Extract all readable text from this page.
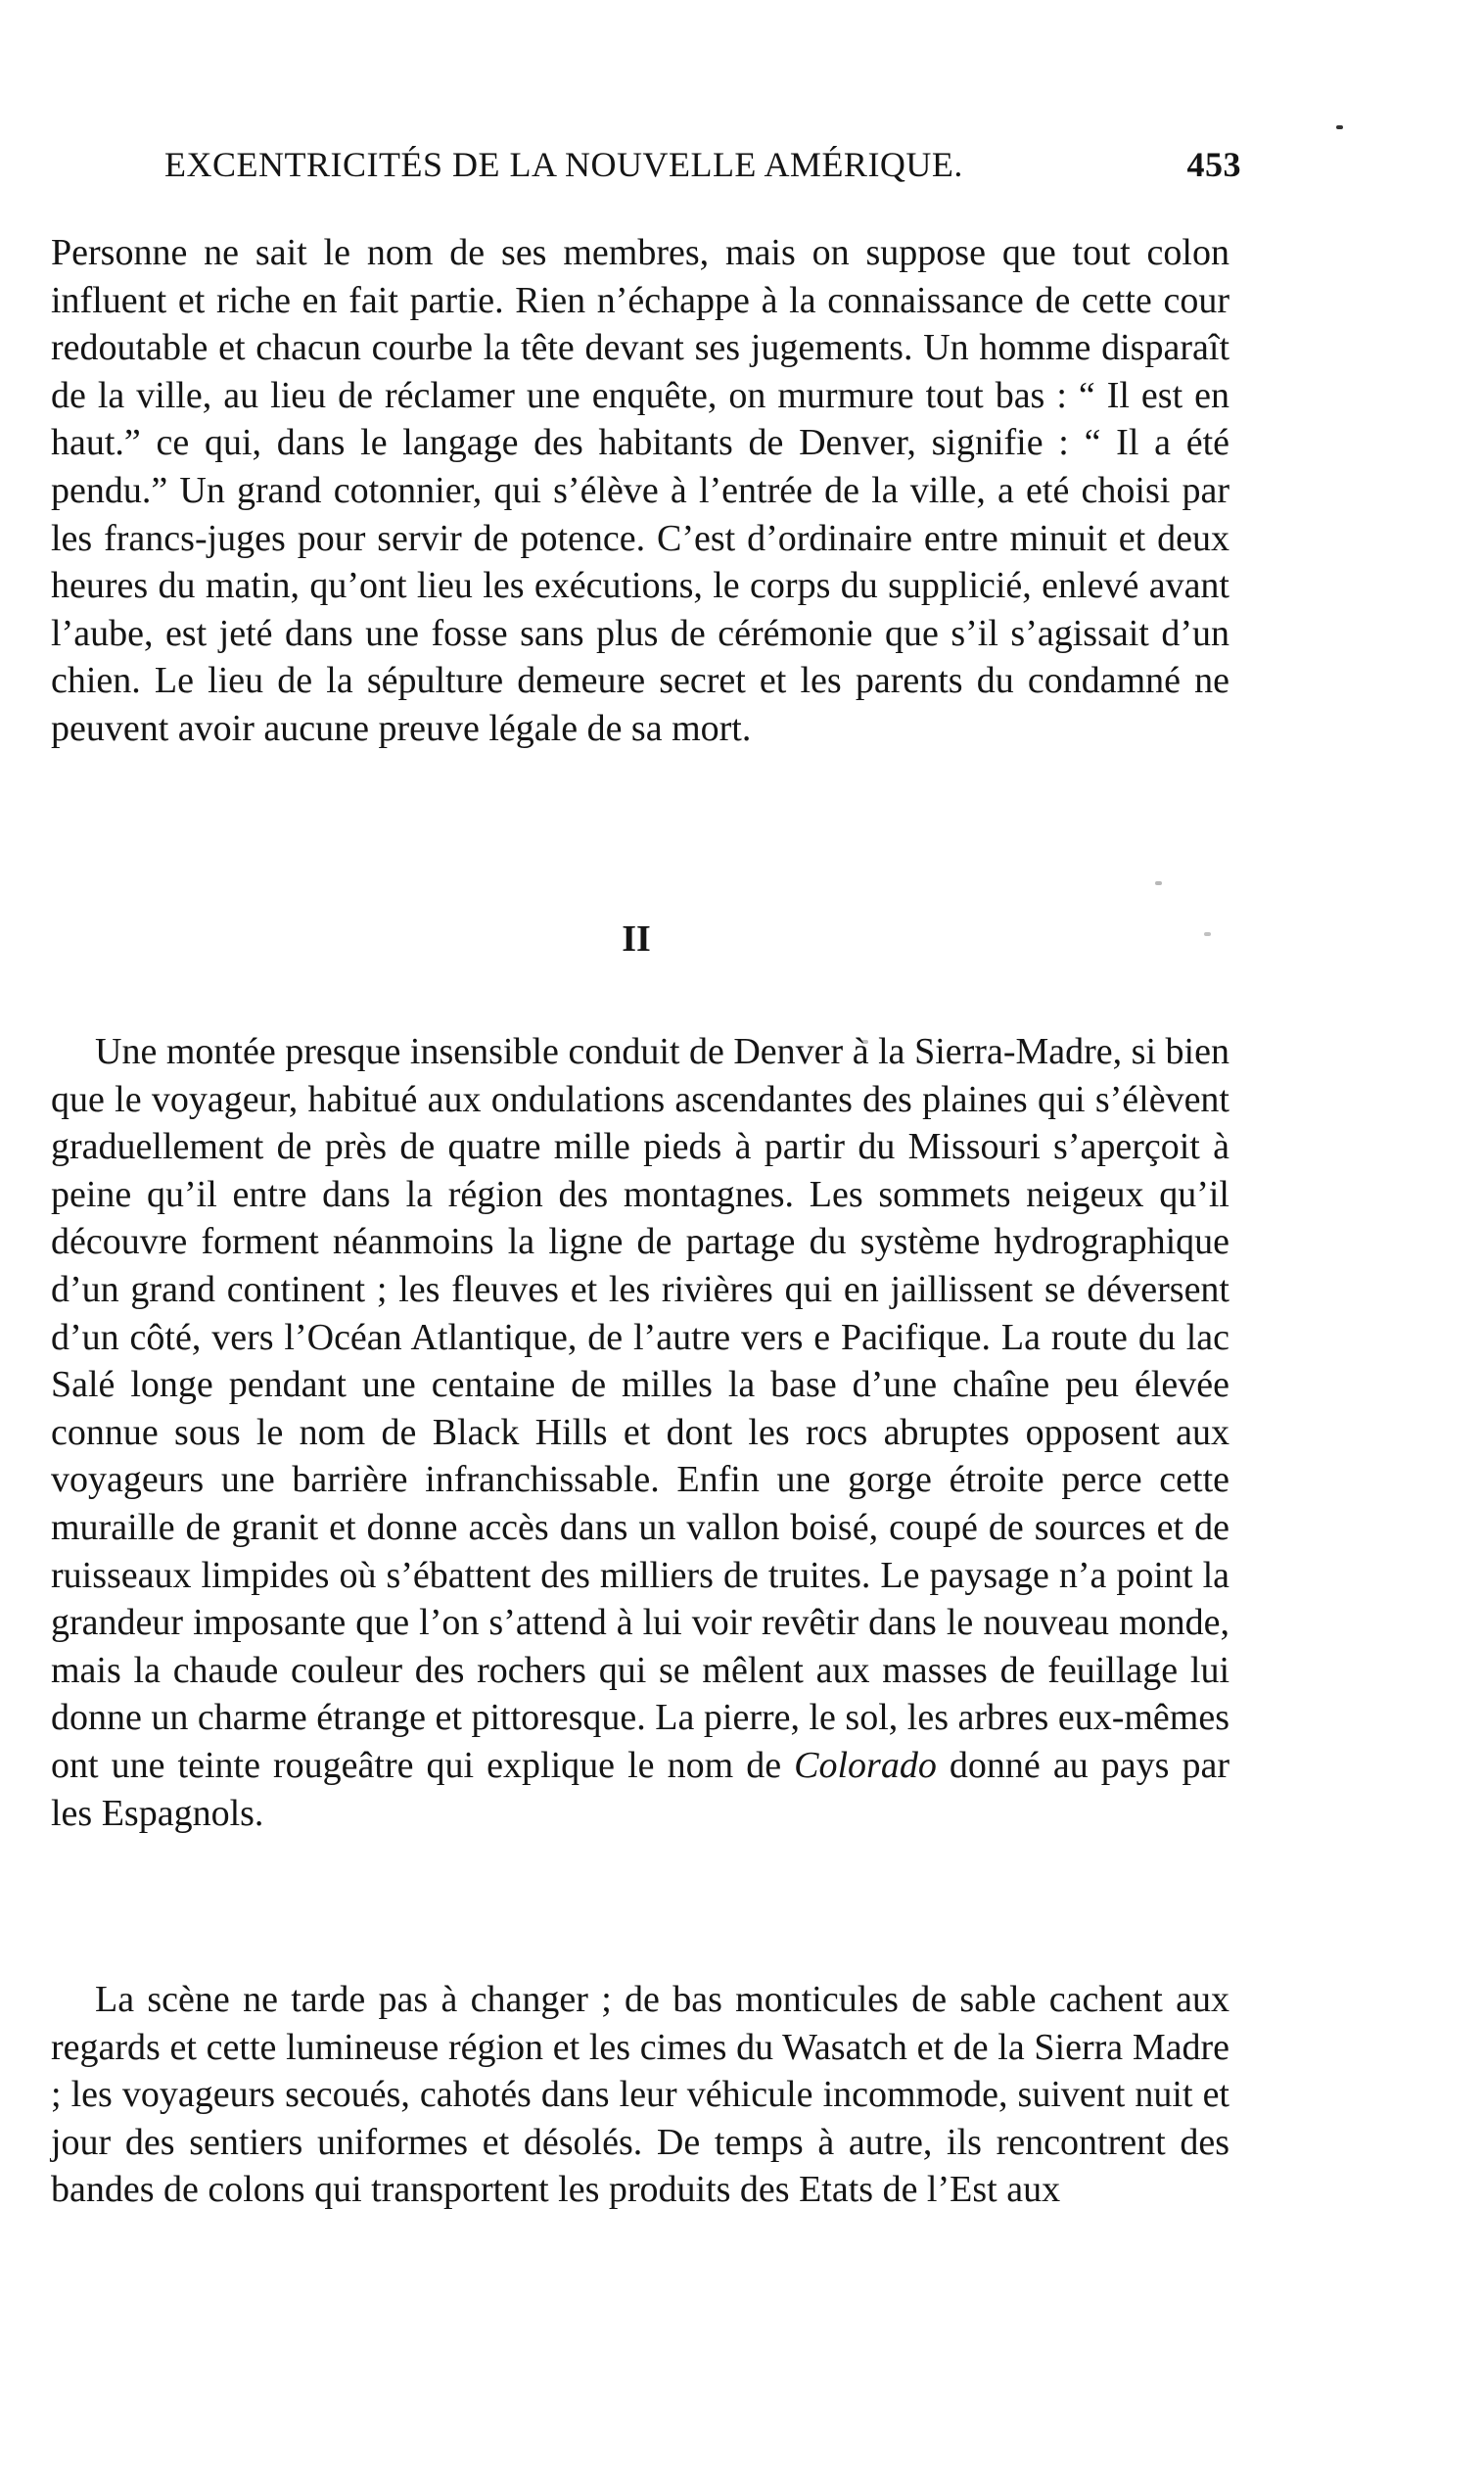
EXCENTRICITÉS DE LA NOUVELLE AMÉRIQUE.	453

Personne ne sait le nom de ses membres, mais on suppose que tout colon influent et riche en fait partie. Rien n’échappe à la connaissance de cette cour redoutable et chacun courbe la tête devant ses jugements. Un homme disparaît de la ville, au lieu de réclamer une enquête, on murmure tout bas : “ Il est en haut.” ce qui, dans le langage des habitants de Denver, signifie : “ Il a été pendu.” Un grand cotonnier, qui s’élève à l’entrée de la ville, a eté choisi par les francs-juges pour servir de potence. C’est d’ordinaire entre minuit et deux heures du matin, qu’ont lieu les exécutions, le corps du supplicié, enlevé avant l’aube, est jeté dans une fosse sans plus de cérémonie que s’il s’agissait d’un chien. Le lieu de la sépulture demeure secret et les parents du condamné ne peuvent avoir aucune preuve légale de sa mort.

II

Une montée presque insensible conduit de Denver à la Sierra-Madre, si bien que le voyageur, habitué aux ondulations ascendantes des plaines qui s’élèvent graduellement de près de quatre mille pieds à partir du Missouri s’aperçoit à peine qu’il entre dans la région des montagnes. Les sommets neigeux qu’il découvre forment néanmoins la ligne de partage du système hydrographique d’un grand continent ; les fleuves et les rivières qui en jaillissent se déversent d’un côté, vers l’Océan Atlantique, de l’autre vers e Pacifique. La route du lac Salé longe pendant une centaine de milles la base d’une chaîne peu élevée connue sous le nom de Black Hills et dont les rocs abruptes opposent aux voyageurs une barrière infranchissable. Enfin une gorge étroite perce cette muraille de granit et donne accès dans un vallon boisé, coupé de sources et de ruisseaux limpides où s’ébattent des milliers de truites. Le paysage n’a point la grandeur imposante que l’on s’attend à lui voir revêtir dans le nouveau monde, mais la chaude couleur des rochers qui se mêlent aux masses de feuillage lui donne un charme étrange et pittoresque. La pierre, le sol, les arbres eux-mêmes ont une teinte rougeâtre qui explique le nom de Colorado donné au pays par les Espagnols.

La scène ne tarde pas à changer ; de bas monticules de sable cachent aux regards et cette lumineuse région et les cimes du Wasatch et de la Sierra Madre ; les voyageurs secoués, cahotés dans leur véhicule incommode, suivent nuit et jour des sentiers uniformes et désolés. De temps à autre, ils rencontrent des bandes de colons qui transportent les produits des Etats de l’Est aux
